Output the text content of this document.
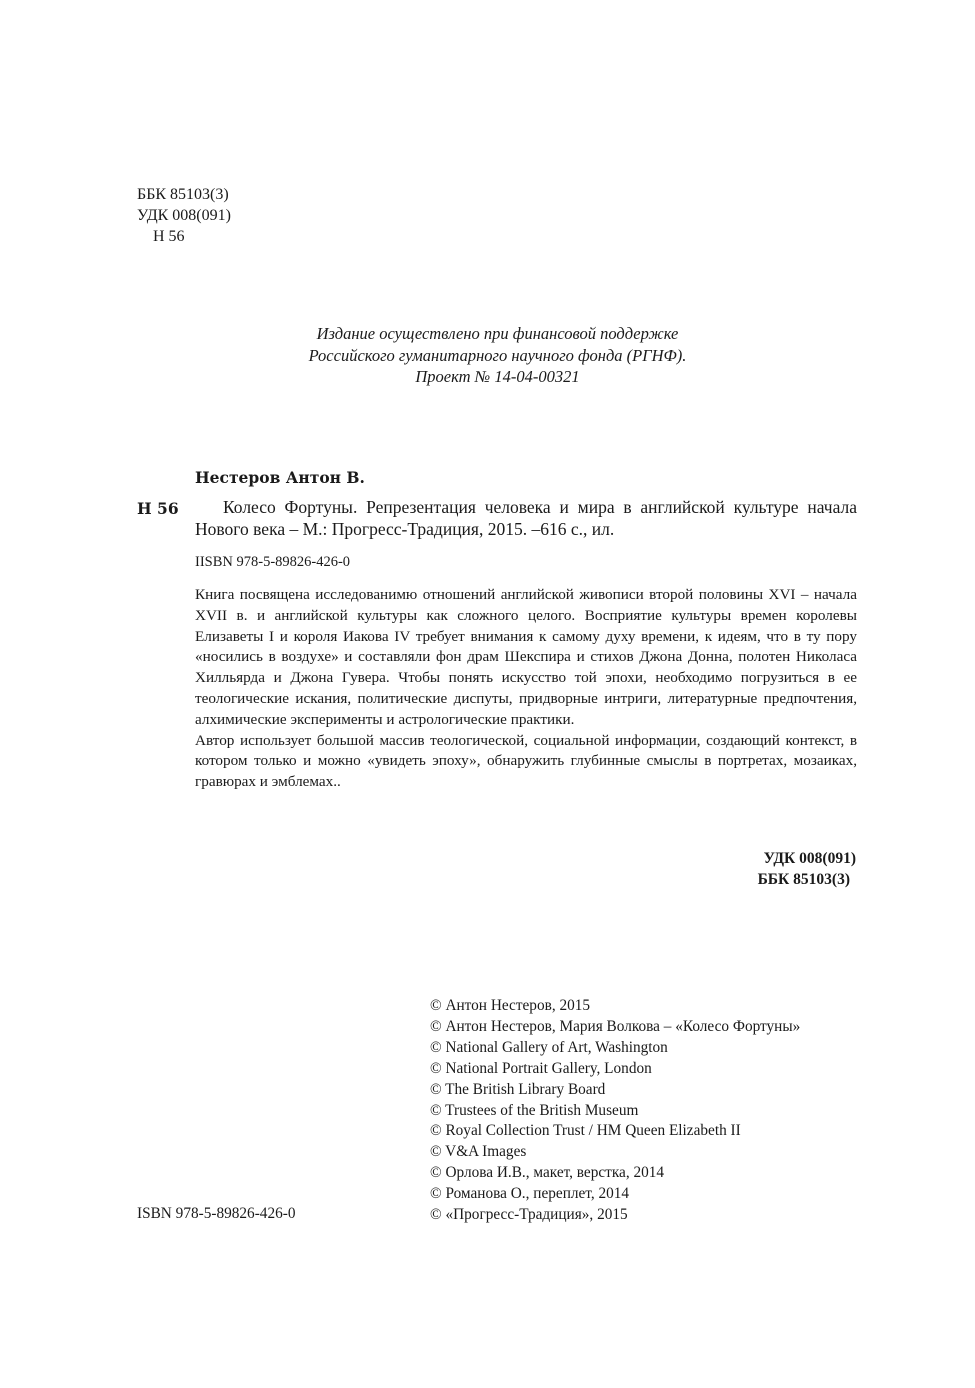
ББК 85103(3)
УДК 008(091)
Н 56
Издание осуществлено при финансовой поддержке
Российского гуманитарного научного фонда (РГНФ).
Проект № 14-04-00321
Нестеров Антон В.
Н 56	Колесо Фортуны. Репрезентация человека и мира в английской культуре начала Нового века – М.: Прогресс-Традиция, 2015. –616 с., ил.
IISBN 978-5-89826-426-0

Книга посвящена исследованимю отношений английской живописи второй половины XVI – начала XVII в. и английской культуры как сложного целого. Восприятие культуры времен королевы Елизаветы I и короля Иакова IV требует внимания к самому духу времени, к идеям, что в ту пору «носились в воздухе» и составляли фон драм Шекспира и стихов Джона Донна, полотен Николаса Хилльярда и Джона Гувера. Чтобы понять искусство той эпохи, необходимо погрузиться в ее теологические искания, политические диспуты, придворные интриги, литературные предпочтения, алхимические эксперименты и астрологические практики.

Автор использует большой массив теологической, социальной информации, создающий контекст, в котором только и можно «увидеть эпоху», обнаружить глубинные смыслы в портретах, мозаиках, гравюрах и эмблемах..

УДК 008(091)
ББК 85103(3)
© Антон Нестеров, 2015
© Антон Нестеров, Мария Волкова – «Колесо Фортуны»
© National Gallery of Art, Washington
© National Portrait Gallery, London
© The British Library Board
© Trustees of the British Museum
© Royal Collection Trust / HM Queen Elizabeth II
© V&A Images
© Орлова И.В., макет, верстка, 2014
© Романова О., переплет, 2014
© «Прогресс-Традиция», 2015
ISBN 978-5-89826-426-0
